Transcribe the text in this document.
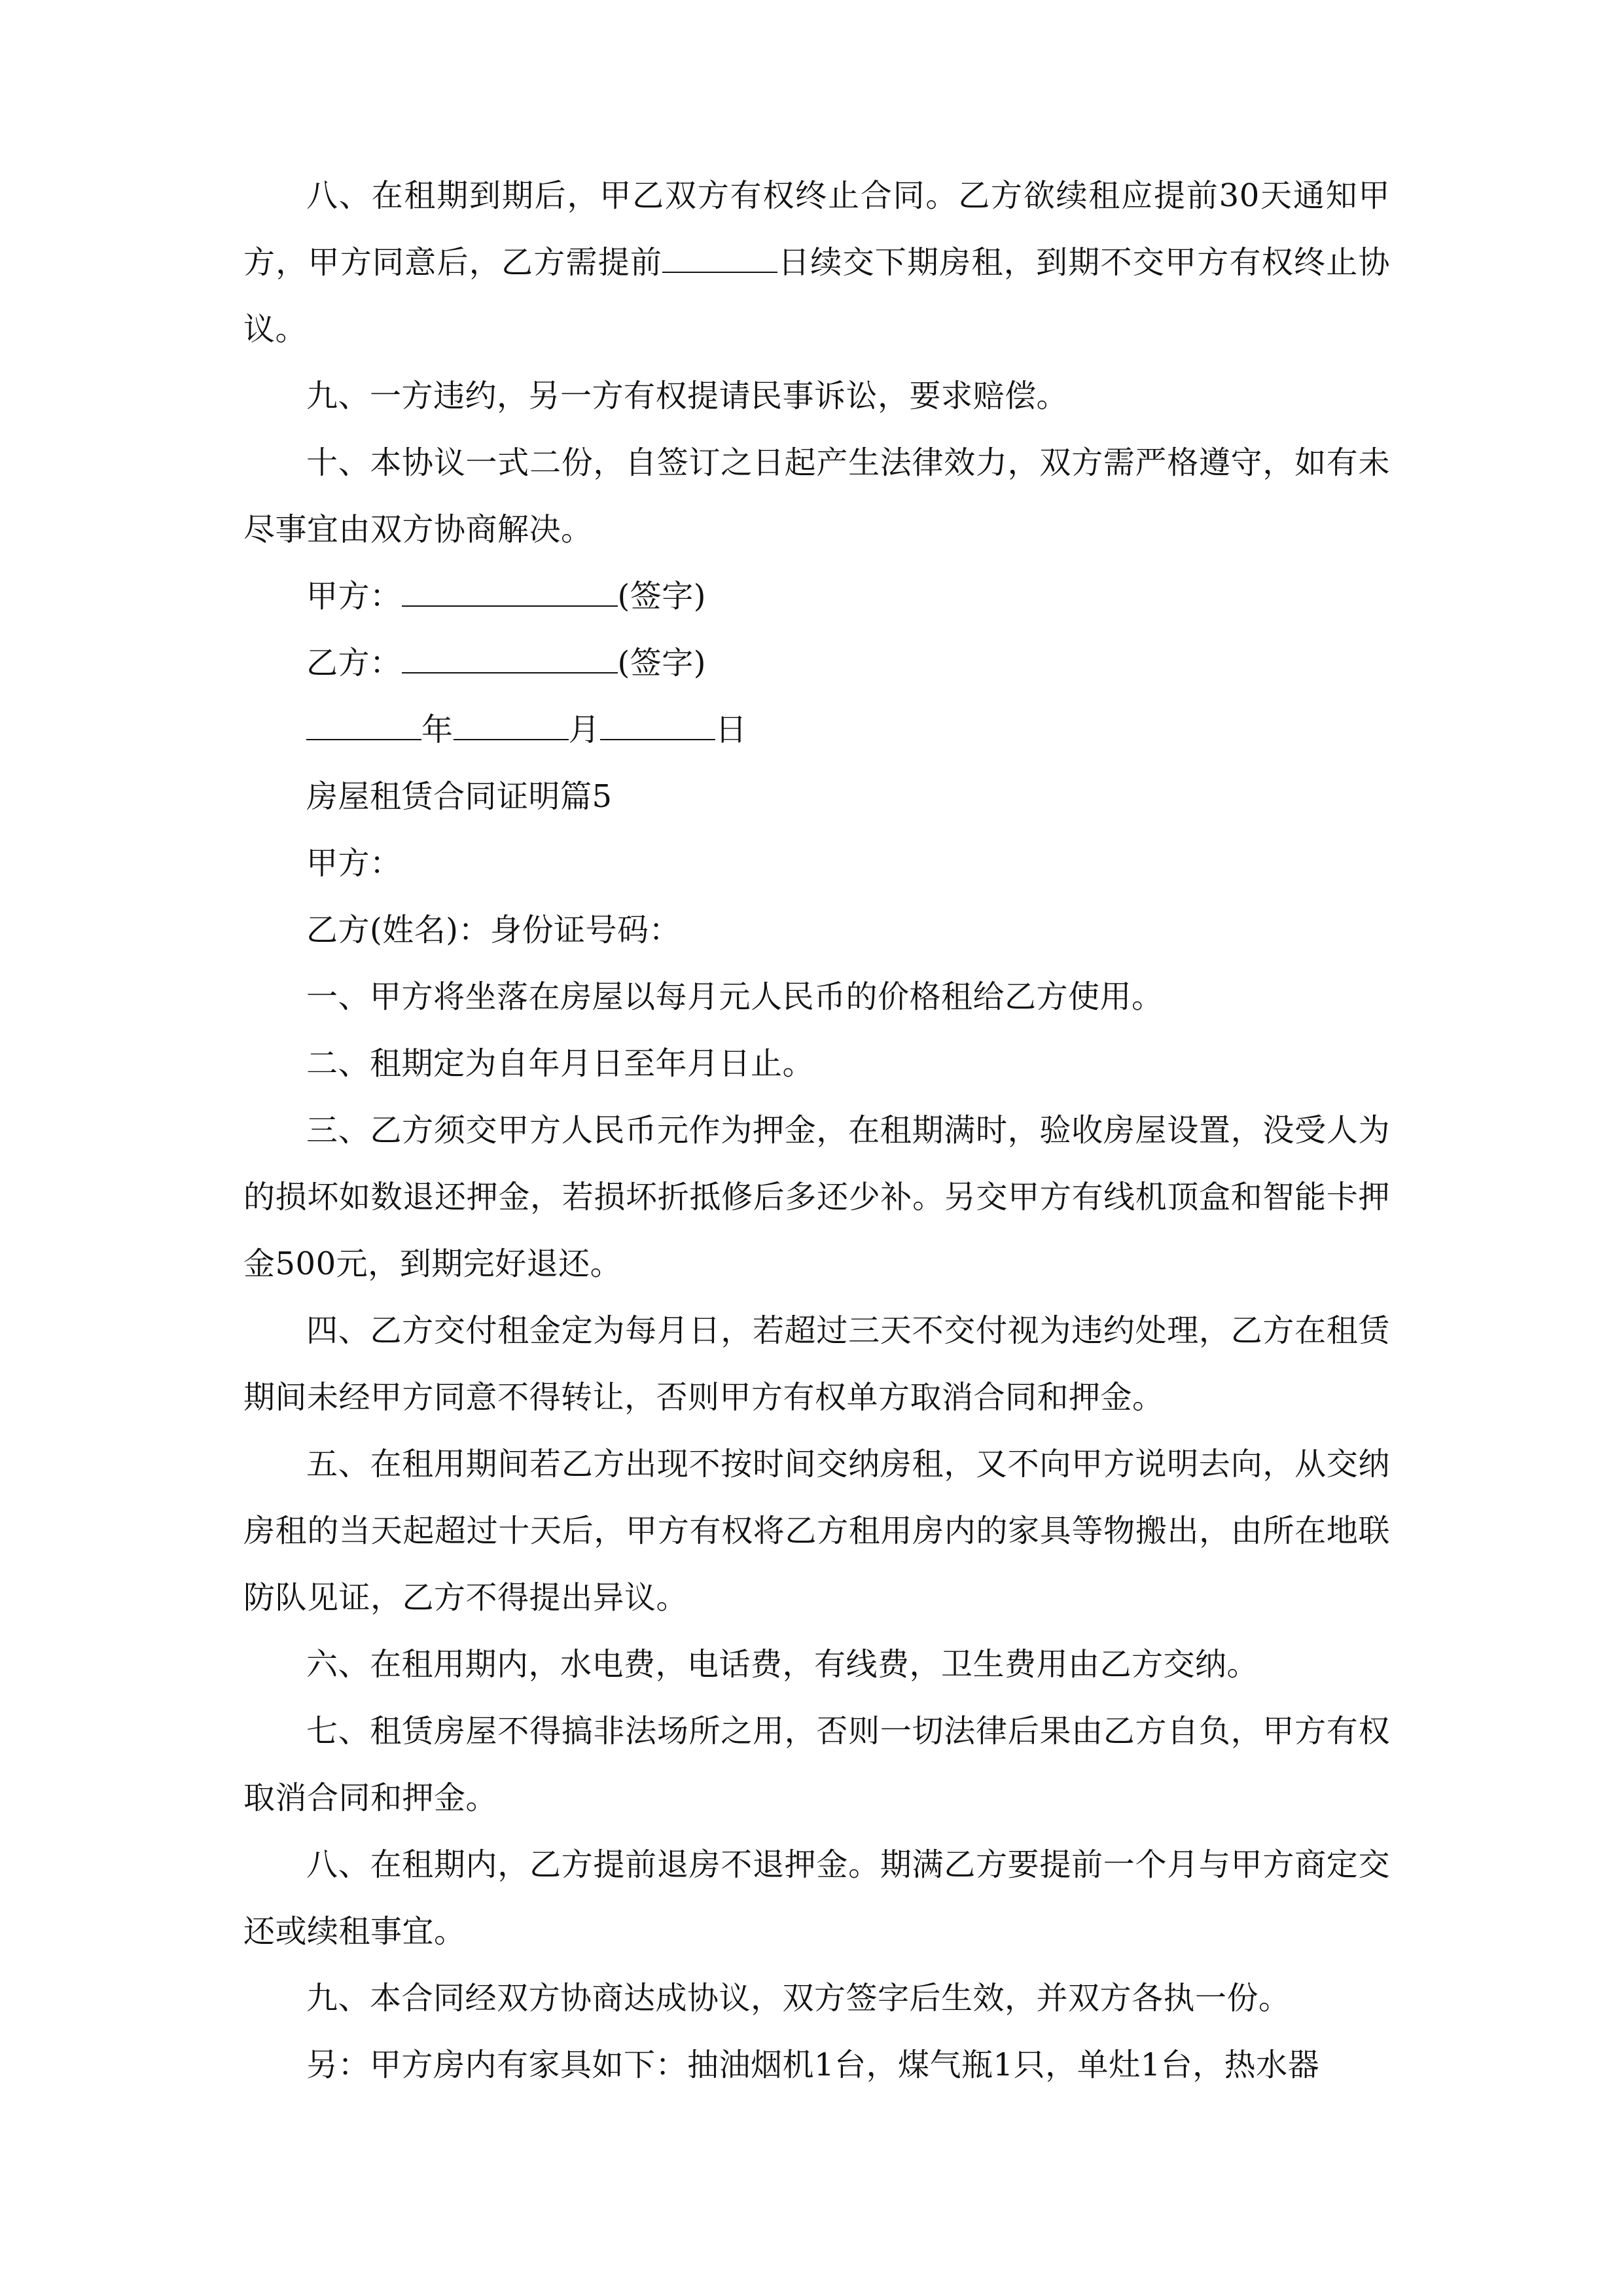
八、在租期到期后，甲乙双方有权终止合同。乙方欲续租应提前30天通知甲方，甲方同意后，乙方需提前	日续交下期房租，到期不交甲方有权终止协议。

九、一方违约，另一方有权提请民事诉讼，要求赔偿。

十、本协议一式二份，自签订之日起产生法律效力，双方需严格遵守，如有未尽事宜由双方协商解决。

甲方：	(签字)

乙方：	(签字)

年	月	日

房屋租赁合同证明篇5

甲方：

乙方(姓名)：身份证号码：

一、甲方将坐落在房屋以每月元人民币的价格租给乙方使用。

二、租期定为自年月日至年月日止。

三、乙方须交甲方人民币元作为押金，在租期满时，验收房屋设置，没受人为的损坏如数退还押金，若损坏折抵修后多还少补。另交甲方有线机顶盒和智能卡押金500元，到期完好退还。

四、乙方交付租金定为每月日，若超过三天不交付视为违约处理，乙方在租赁期间未经甲方同意不得转让，否则甲方有权单方取消合同和押金。

五、在租用期间若乙方出现不按时间交纳房租，又不向甲方说明去向，从交纳房租的当天起超过十天后，甲方有权将乙方租用房内的家具等物搬出，由所在地联防队见证，乙方不得提出异议。

六、在租用期内，水电费，电话费，有线费，卫生费用由乙方交纳。

七、租赁房屋不得搞非法场所之用，否则一切法律后果由乙方自负，甲方有权取消合同和押金。

八、在租期内，乙方提前退房不退押金。期满乙方要提前一个月与甲方商定交还或续租事宜。

九、本合同经双方协商达成协议，双方签字后生效，并双方各执一份。

另：甲方房内有家具如下：抽油烟机1台，煤气瓶1只，单灶1台，热水器
